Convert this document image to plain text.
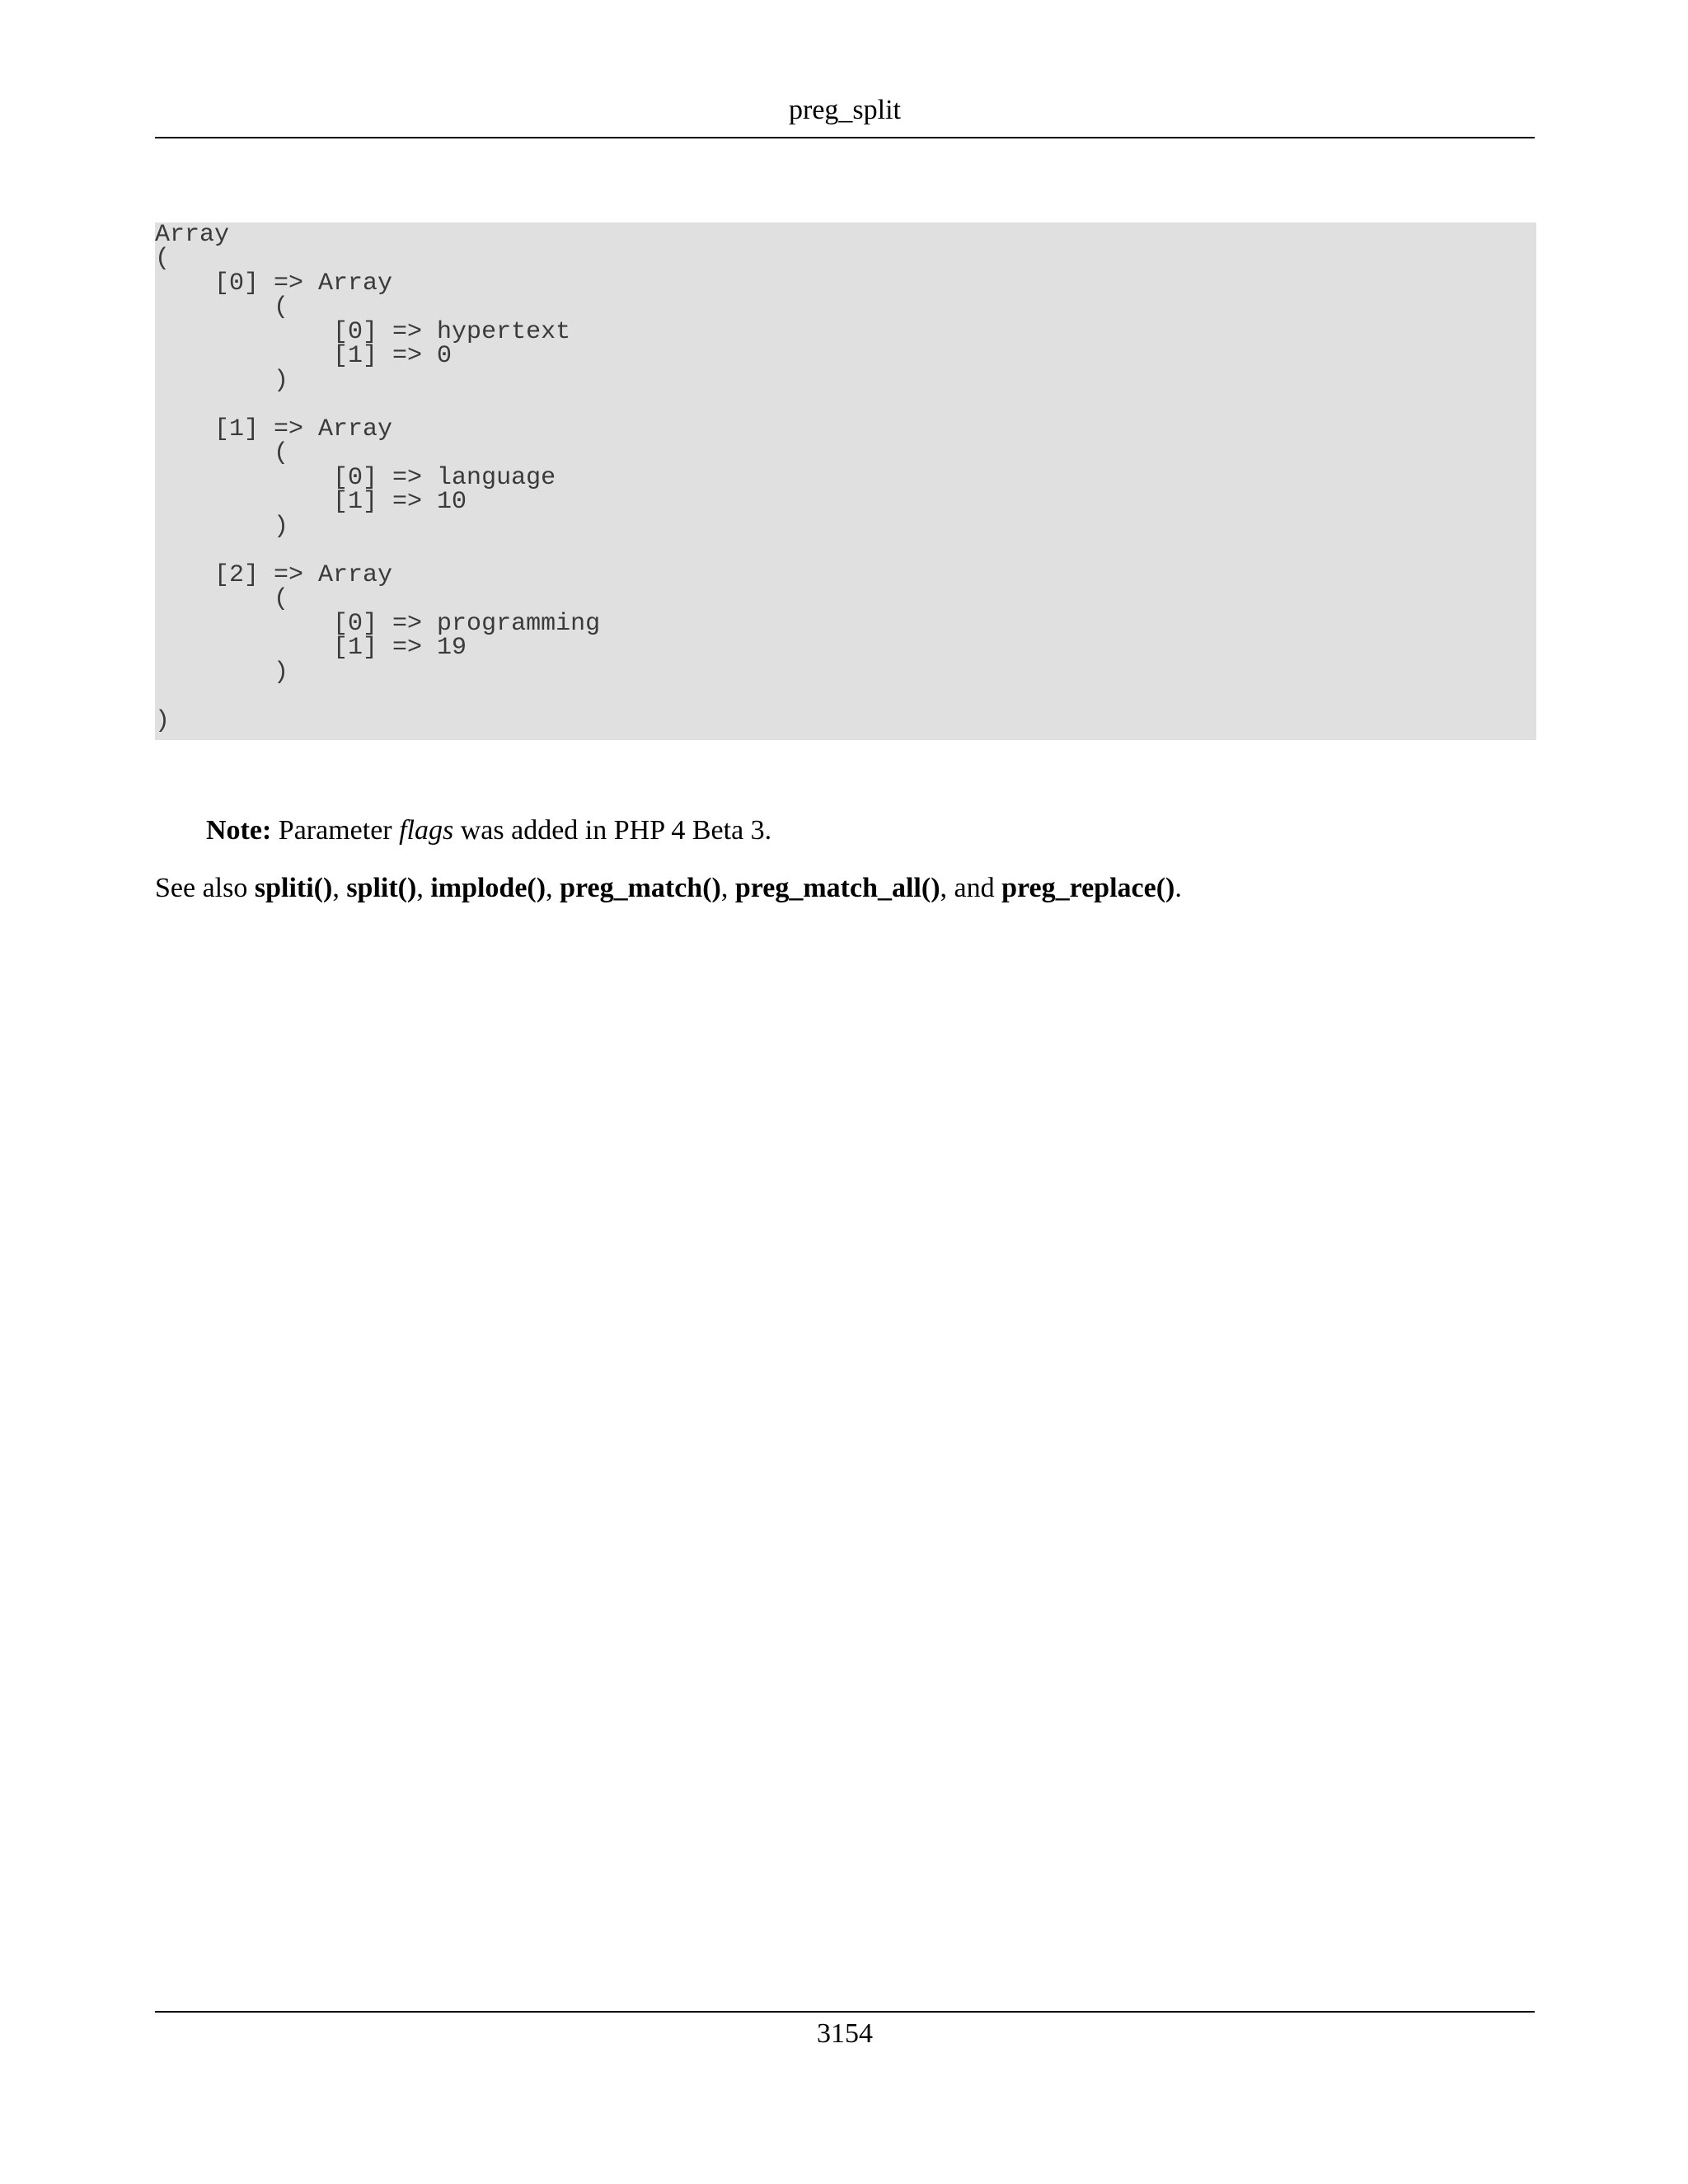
preg_split
Array
(
[0] => Array
(
[0] => hypertext
[1] => 0
)
[1] => Array
(
[0] => language
[1] => 10
)
[2] => Array
(
[0] => programming
[1] => 19
)
)
Note: Parameter flags was added in PHP 4 Beta 3.
See also spliti(), split(), implode(), preg_match(), preg_match_all(), and preg_replace().
3154
